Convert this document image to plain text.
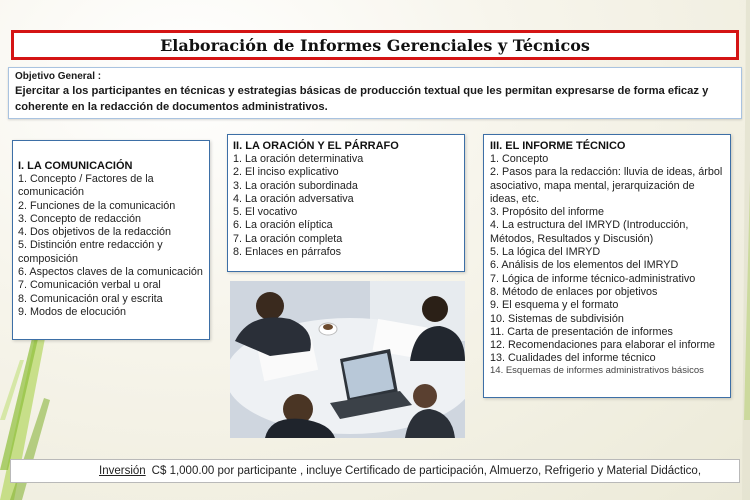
Elaboración de Informes Gerenciales y Técnicos
Objetivo General :
Ejercitar a los participantes en técnicas y estrategias básicas de producción textual que les permitan expresarse de forma eficaz y coherente en la redacción de documentos administrativos.
I. LA COMUNICACIÓN
1. Concepto / Factores de la comunicación
2. Funciones de la comunicación
3. Concepto de redacción
4. Dos objetivos de la redacción
5. Distinción entre redacción y composición
6. Aspectos claves de la comunicación
7. Comunicación verbal u oral
8. Comunicación oral y escrita
9. Modos de elocución
II. LA ORACIÓN Y EL PÁRRAFO
1. La oración determinativa
2. El inciso explicativo
3. La oración subordinada
4. La oración adversativa
5. El vocativo
6. La oración elíptica
7. La oración completa
8. Enlaces en párrafos
III. EL INFORME TÉCNICO
1. Concepto
2. Pasos para la redacción: lluvia de ideas, árbol asociativo, mapa mental, jerarquización de ideas, etc.
3. Propósito del informe
4. La estructura del IMRYD (Introducción, Métodos, Resultados y Discusión)
5. La lógica del IMRYD
6. Análisis de los elementos del IMRYD
7. Lógica de informe técnico-administrativo
8. Método de enlaces por objetivos
9. El esquema y el formato
10. Sistemas de subdivisión
11. Carta de presentación de informes
12. Recomendaciones para elaborar el informe
13. Cualidades del informe técnico
14. Esquemas de informes administrativos básicos
Inversión C$ 1,000.00 por participante , incluye Certificado de participación, Almuerzo, Refrigerio y Material Didáctico,
